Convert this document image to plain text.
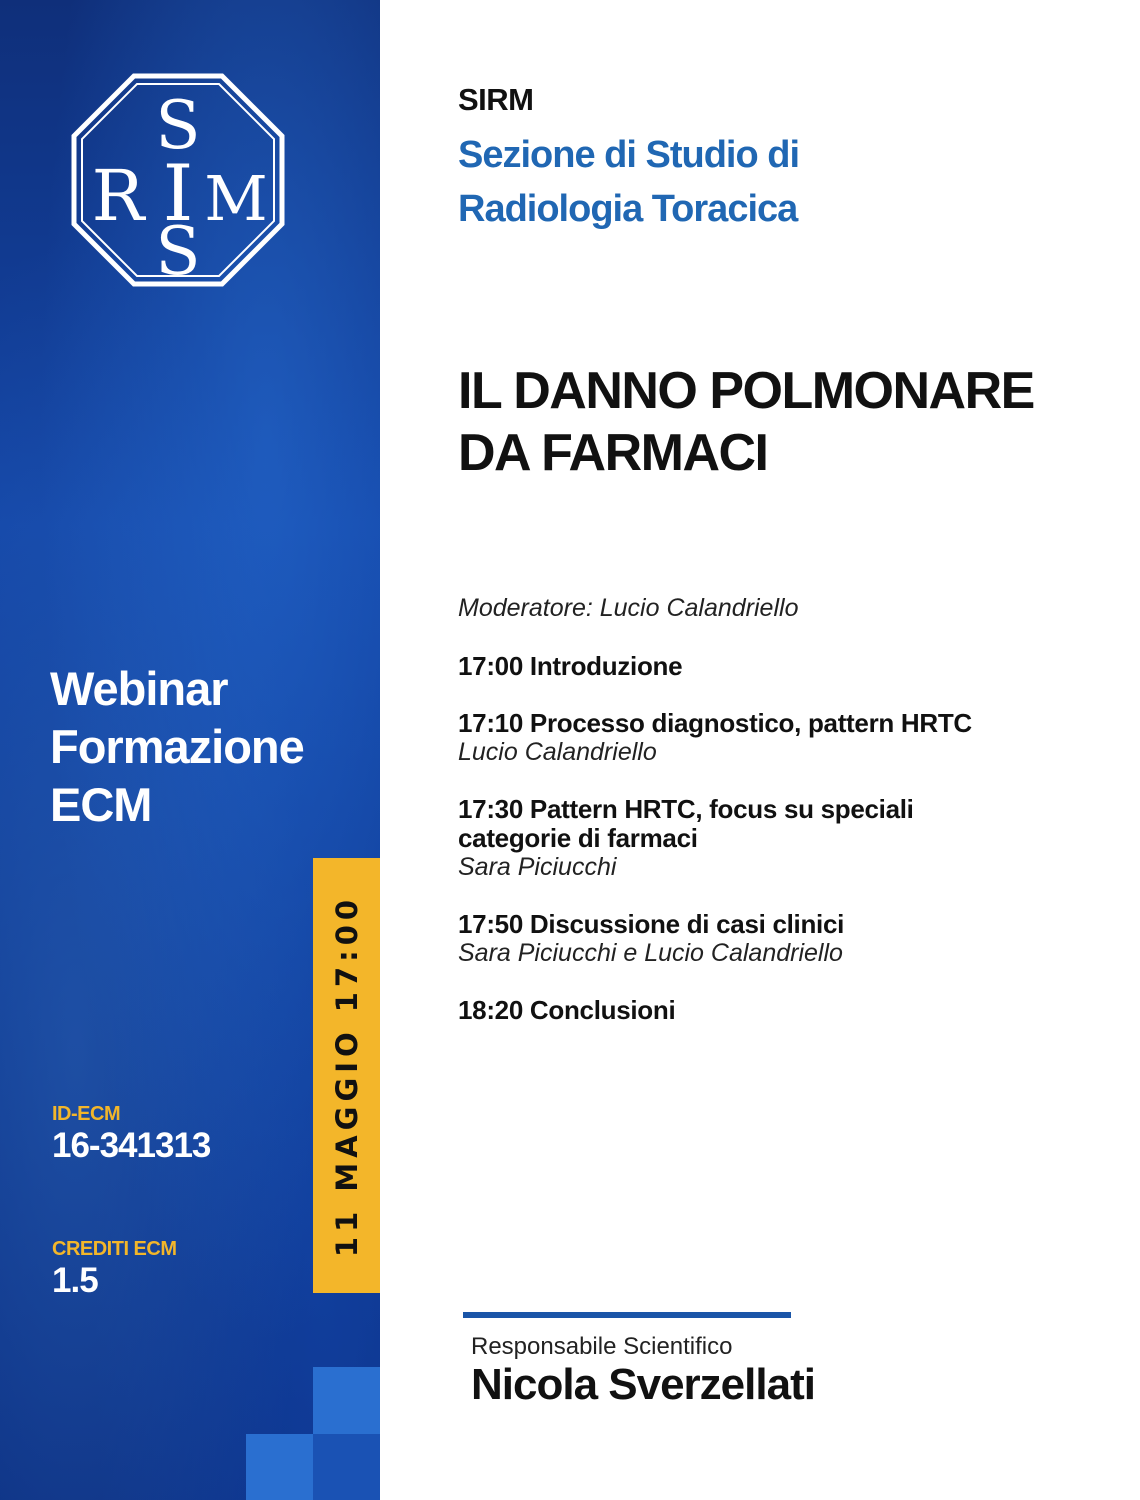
S
R I M
S
Webinar
Formazione
ECM
ID-ECM
16-341313
CREDITI ECM
1.5
11 MAGGIO 17:00
SIRM
Sezione di Studio di
Radiologia Toracica
IL DANNO POLMONARE
DA FARMACI
Moderatore: Lucio Calandriello
17:00 Introduzione
17:10 Processo diagnostico, pattern HRTC
Lucio Calandriello
17:30 Pattern HRTC, focus su speciali categorie di farmaci
Sara Piciucchi
17:50 Discussione di casi clinici
Sara Piciucchi e Lucio Calandriello
18:20 Conclusioni
Responsabile Scientifico
Nicola Sverzellati
